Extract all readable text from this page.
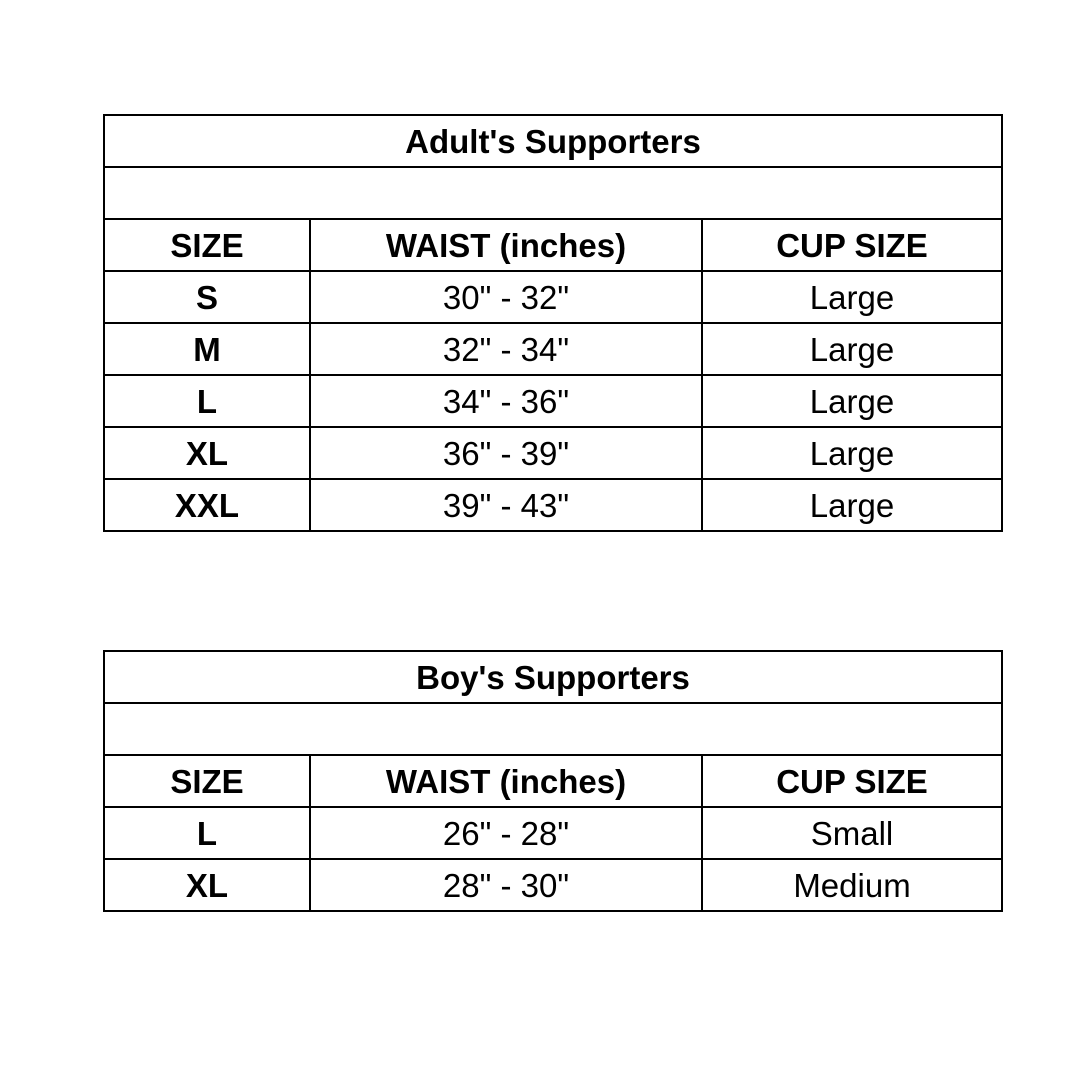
Adult's Supporters		

SIZE	WAIST (inches)	CUP SIZE
S	30" - 32"	Large
M	32" - 34"	Large
L	34" - 36"	Large
XL	36" - 39"	Large
XXL	39" - 43"	Large
Boy's Supporters		

SIZE	WAIST (inches)	CUP SIZE
L	26" - 28"	Small
XL	28" - 30"	Medium
